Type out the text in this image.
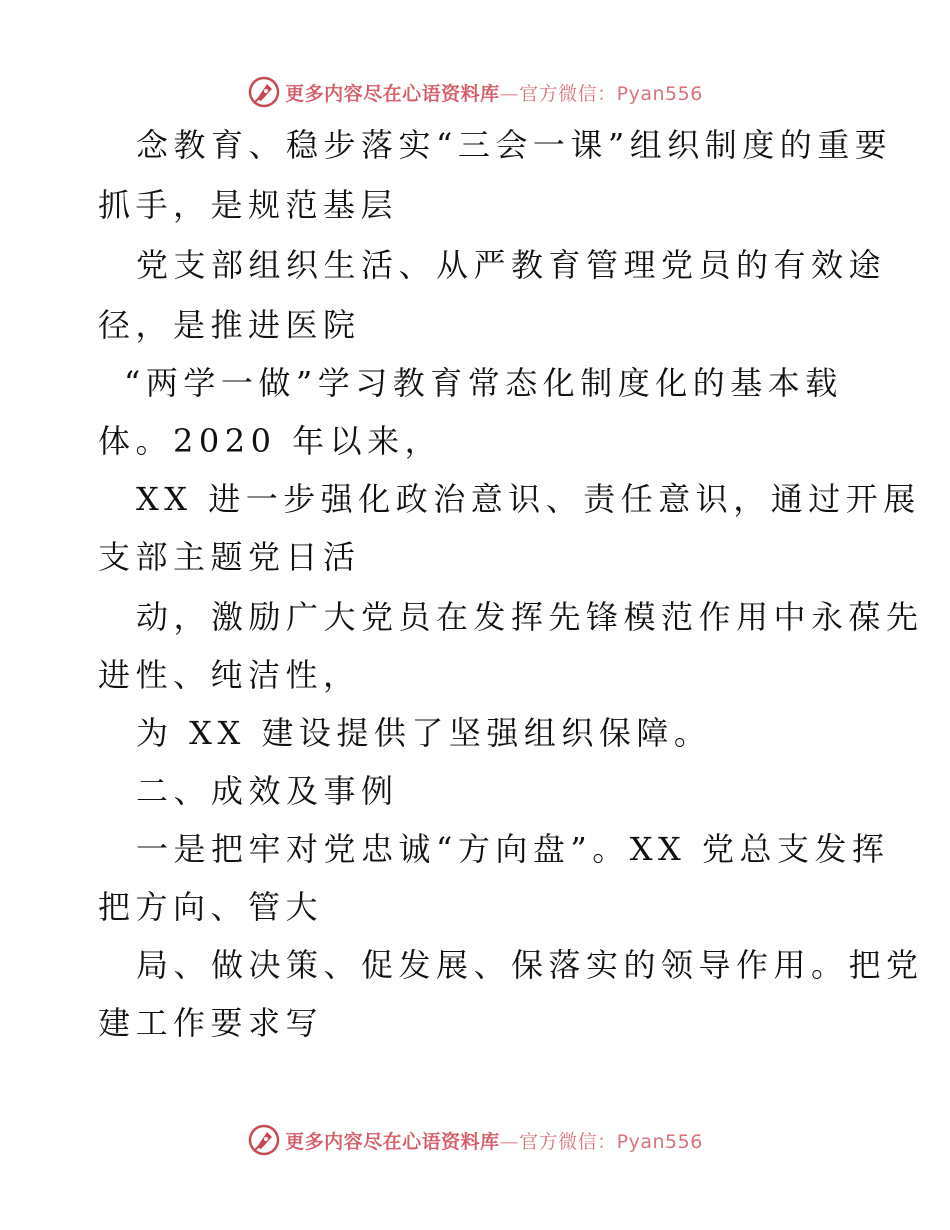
更多内容尽在心语资料库—官方微信：Pyan556
念教育、稳步落实“三会一课”组织制度的重要
抓手，是规范基层
党支部组织生活、从严教育管理党员的有效途
径，是推进医院
“两学一做”学习教育常态化制度化的基本载
体。2020 年以来，
XX 进一步强化政治意识、责任意识，通过开展
支部主题党日活
动，激励广大党员在发挥先锋模范作用中永葆先
进性、纯洁性，
为 XX 建设提供了坚强组织保障。
二、成效及事例
一是把牢对党忠诚“方向盘”。XX 党总支发挥
把方向、管大
局、做决策、促发展、保落实的领导作用。把党
建工作要求写
更多内容尽在心语资料库—官方微信：Pyan556
